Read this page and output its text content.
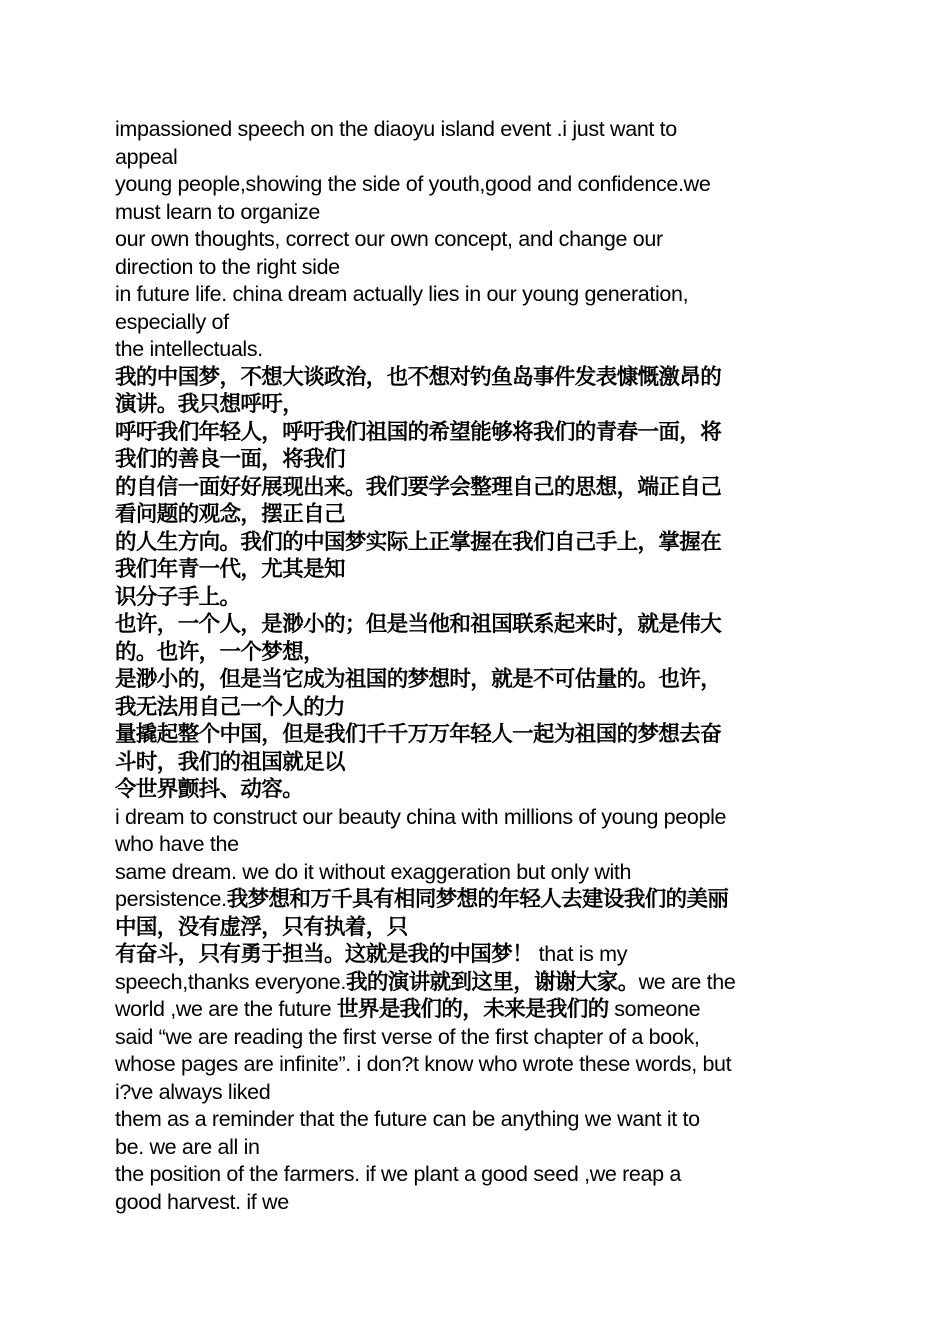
impassioned speech on the diaoyu island event .i just want to
appeal
young people,showing the side of youth,good and confidence.we
must learn to organize
our own thoughts, correct our own concept, and change our
direction to the right side
in future life. china dream actually lies in our young generation,
especially of
the intellectuals.
我的中国梦，不想大谈政治，也不想对钓鱼岛事件发表慷慨激昂的
演讲。我只想呼吁，
呼吁我们年轻人，呼吁我们祖国的希望能够将我们的青春一面，将
我们的善良一面，将我们
的自信一面好好展现出来。我们要学会整理自己的思想，端正自己
看问题的观念，摆正自己
的人生方向。我们的中国梦实际上正掌握在我们自己手上，掌握在
我们年青一代，尤其是知
识分子手上。
也许，一个人，是渺小的；但是当他和祖国联系起来时，就是伟大
的。也许，一个梦想，
是渺小的，但是当它成为祖国的梦想时，就是不可估量的。也许，
我无法用自己一个人的力
量撬起整个中国，但是我们千千万万年轻人一起为祖国的梦想去奋
斗时，我们的祖国就足以
令世界颤抖、动容。
i dream to construct our beauty china with millions of young people
who have the
same dream. we do it without exaggeration but only with
persistence.我梦想和万千具有相同梦想的年轻人去建设我们的美丽
中国，没有虚浮，只有执着，只
有奋斗，只有勇于担当。这就是我的中国梦！ that is my
speech,thanks everyone.我的演讲就到这里，谢谢大家。we are the
world ,we are the future 世界是我们的，未来是我们的 someone
said “we are reading the first verse of the first chapter of a book,
whose pages are infinite”. i don?t know who wrote these words, but
i?ve always liked
them as a reminder that the future can be anything we want it to
be. we are all in
the position of the farmers. if we plant a good seed ,we reap a
good harvest. if we
